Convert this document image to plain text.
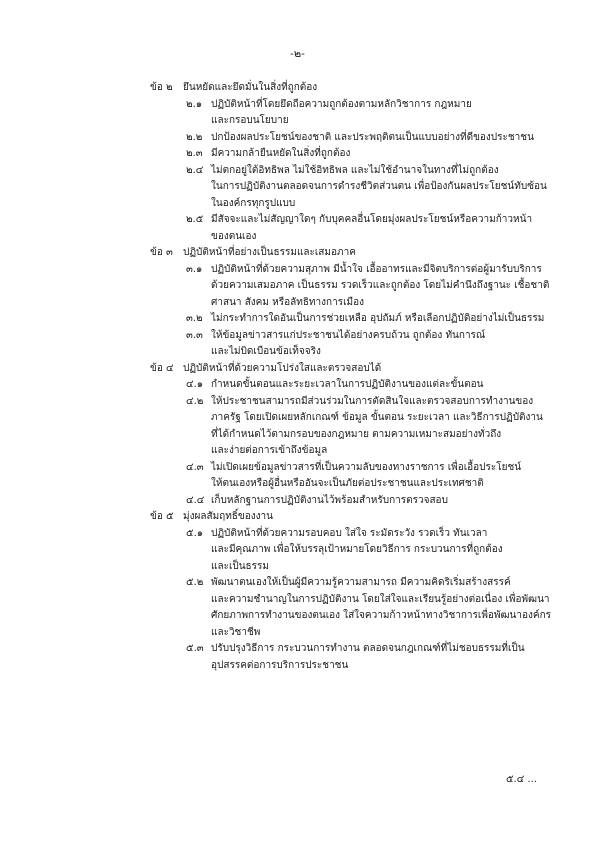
-๒-
ข้อ ๒ ยึนหยัดและยึดมั่นในสิ่งที่ถูกต้อง
๒.๑ ปฏิบัติหน้าที่โดยยึดถือความถูกต้องตามหลักวิชาการ กฎหมาย
และกรอบนโยบาย
๒.๒ ปกป้องผลประโยชน์ของชาติ และประพฤติตนเป็นแบบอย่างที่ดีของประชาชน
๒.๓ มีความกล้ายืนหยัดในสิ่งที่ถูกต้อง
๒.๔ ไม่ตกอยู่ใต้อิทธิพล ไม่ใช้อิทธิพล และไม่ใช้อำนาจในทางที่ไม่ถูกต้อง
ในการปฏิบัติงานตลอดจนการดำรงชีวิตส่วนตน เพื่อป้องกันผลประโยชน์ทับซ้อน
ในองค์กรทุกรูปแบบ
๒.๕ มีสัจจะและไม่สัญญาใดๆ กับบุคคลอื่นโดยมุ่งผลประโยชน์หรือความก้าวหน้า
ของตนเอง
ข้อ ๓ ปฏิบัติหน้าที่อย่างเป็นธรรมและเสมอภาค
๓.๑ ปฏิบัติหน้าที่ด้วยความสุภาพ มีน้ำใจ เอื้ออาทรและมีจิตบริการต่อผู้มารับบริการ
ด้วยความเสมอภาค เป็นธรรม รวดเร็วและถูกต้อง โดยไม่คำนึงถึงฐานะ เชื้อชาติ
ศาสนา สังคม หรือลัทธิทางการเมือง
๓.๒ ไม่กระทำการใดอันเป็นการช่วยเหลือ อุปถัมภ์ หรือเลือกปฏิบัติอย่างไม่เป็นธรรม
๓.๓ ให้ข้อมูลข่าวสารแก่ประชาชนได้อย่างครบถ้วน ถูกต้อง ทันการณ์
และไม่บิดเบือนข้อเท็จจริง
ข้อ ๔ ปฏิบัติหน้าที่ด้วยความโปร่งใสและตรวจสอบได้
๔.๑ กำหนดขั้นตอนและระยะเวลาในการปฏิบัติงานของแต่ละขั้นตอน
๔.๒ ให้ประชาชนสามารถมีส่วนร่วมในการตัดสินใจและตรวจสอบการทำงานของ
ภาครัฐ โดยเปิดเผยหลักเกณฑ์ ข้อมูล ขั้นตอน ระยะเวลา และวิธีการปฏิบัติงาน
ที่ได้กำหนดไว้ตามกรอบของกฎหมาย ตามความเหมาะสมอย่างทั่วถึง
และง่ายต่อการเข้าถึงข้อมูล
๔.๓ ไม่เปิดเผยข้อมูลข่าวสารที่เป็นความลับของทางราชการ เพื่อเอื้อประโยชน์
ให้ตนเองหรือผู้อื่นหรืออันจะเป็นภัยต่อประชาชนและประเทศชาติ
๔.๔ เก็บหลักฐานการปฏิบัติงานไว้พร้อมสำหรับการตรวจสอบ
ข้อ ๕ มุ่งผลสัมฤทธิ์ของงาน
๕.๑ ปฏิบัติหน้าที่ด้วยความรอบคอบ ใส่ใจ ระมัดระวัง รวดเร็ว ทันเวลา
และมีคุณภาพ เพื่อให้บรรลุเป้าหมายโดยวิธีการ กระบวนการที่ถูกต้อง
และเป็นธรรม
๕.๒ พัฒนาตนเองให้เป็นผู้มีความรู้ความสามารถ มีความคิดริเริ่มสร้างสรรค์
และความชำนาญในการปฏิบัติงาน โดยใส่ใจและเรียนรู้อย่างต่อเนื่อง เพื่อพัฒนา
ศักยภาพการทำงานของตนเอง ใส่ใจความก้าวหน้าทางวิชาการเพื่อพัฒนาองค์กร
และวิชาชีพ
๕.๓ ปรับปรุงวิธีการ กระบวนการทำงาน ตลอดจนกฎเกณฑ์ที่ไม่ชอบธรรมที่เป็น
อุปสรรคต่อการบริการประชาชน
๕.๔ ...
